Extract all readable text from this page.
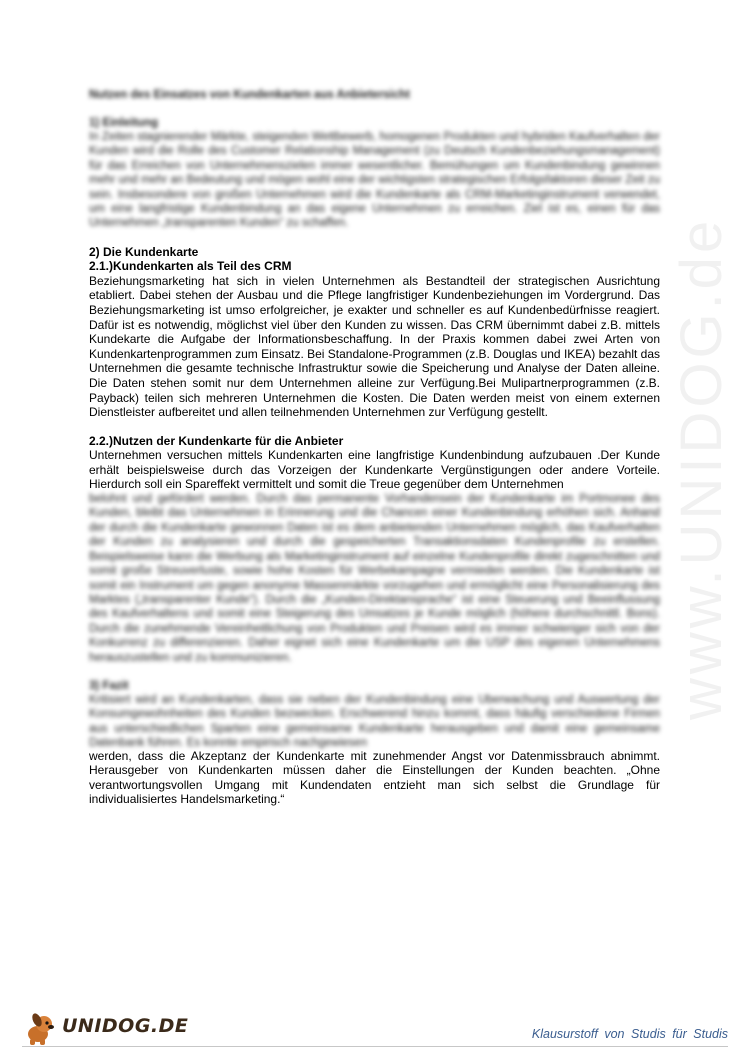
www.UNIDOG.de

Nutzen des Einsatzes von Kundenkarten aus Anbietersicht

1) Einleitung

In Zeiten stagnierender Märkte, steigenden Wettbewerb, homogenen Produkten und hybriden Kaufverhalten der Kunden wird die Rolle des Customer Relationship Management (zu Deutsch Kundenbeziehungsmanagement) für das Erreichen von Unternehmenszielen immer wesentlicher. Bemühungen um Kundenbindung gewinnen mehr und mehr an Bedeutung und mögen wohl eine der wichtigsten strategischen Erfolgsfaktoren dieser Zeit zu sein. Insbesondere von großen Unternehmen wird die Kundenkarte als CRM-Marketinginstrument verwendet, um eine langfristige Kundenbindung an das eigene Unternehmen zu erreichen. Ziel ist es, einen für das Unternehmen „transparenten Kunden“ zu schaffen.

2) Die Kundenkarte

2.1.)Kundenkarten als Teil des CRM

Beziehungsmarketing hat sich in vielen Unternehmen als Bestandteil der strategischen Ausrichtung etabliert. Dabei stehen der Ausbau und die Pflege langfristiger Kundenbeziehungen im Vordergrund. Das Beziehungsmarketing ist umso erfolgreicher, je exakter und schneller es auf Kundenbedürfnisse reagiert. Dafür ist es notwendig, möglichst viel über den Kunden zu wissen. Das CRM übernimmt dabei z.B. mittels Kundekarte die Aufgabe der Informationsbeschaffung. In der Praxis kommen dabei zwei Arten von Kundenkartenprogrammen zum Einsatz. Bei Standalone-Programmen (z.B. Douglas und IKEA) bezahlt das Unternehmen die gesamte technische Infrastruktur sowie die Speicherung und Analyse der Daten alleine. Die Daten stehen somit nur dem Unternehmen alleine zur Verfügung.Bei Mulipartnerprogrammen (z.B. Payback) teilen sich mehreren Unternehmen die Kosten. Die Daten werden meist von einem externen Dienstleister aufbereitet und allen teilnehmenden Unternehmen zur Verfügung gestellt.

2.2.)Nutzen der Kundenkarte für die Anbieter

Unternehmen versuchen mittels Kundenkarten eine langfristige Kundenbindung aufzubauen .Der Kunde erhält beispielsweise durch das Vorzeigen der Kundenkarte Vergünstigungen oder andere Vorteile. Hierdurch soll ein Spareffekt vermittelt und somit die Treue gegenüber dem Unternehmen

belohnt und gefördert werden. Durch das permanente Vorhandensein der Kundenkarte im Portmonee des Kunden, bleibt das Unternehmen in Erinnerung und die Chancen einer Kundenbindung erhöhen sich. Anhand der durch die Kundenkarte gewonnen Daten ist es dem anbietenden Unternehmen möglich, das Kaufverhalten der Kunden zu analysieren und durch die gespeicherten Transaktionsdaten Kundenprofile zu erstellen. Beispielsweise kann die Werbung als Marketinginstrument auf einzelne Kundenprofile direkt zugeschnitten und somit große Streuverluste, sowie hohe Kosten für Werbekampagne vermieden werden. Die Kundenkarte ist somit ein Instrument um gegen anonyme Massenmärkte vorzugehen und ermöglicht eine Personalisierung des Marktes („transparenter Kunde“). Durch die „Kunden-Direktansprache“ ist eine Steuerung und Beeinflussung des Kaufverhaltens und somit eine Steigerung des Umsatzes je Kunde möglich (höhere durchschnittl. Bons). Durch die zunehmende Vereinheitlichung von Produkten und Preisen wird es immer schwieriger sich von der Konkurrenz zu differenzieren. Daher eignet sich eine Kundenkarte um die USP des eigenen Unternehmens herauszustellen und zu kommunizieren.

3) Fazit

Kritisiert wird an Kundenkarten, dass sie neben der Kundenbindung eine Überwachung und Auswertung der Konsumgewohnheiten des Kunden bezwecken. Erschwerend hinzu kommt, dass häufig verschiedene Firmen aus unterschiedlichen Sparten eine gemeinsame Kundenkarte herausgeben und damit eine gemeinsame Datenbank führen. Es konnte empirisch nachgewiesen

werden, dass die Akzeptanz der Kundenkarte mit zunehmender Angst vor Datenmissbrauch abnimmt. Herausgeber von Kundenkarten müssen daher die Einstellungen der Kunden beachten. „Ohne verantwortungsvollen Umgang mit Kundendaten entzieht man sich selbst die Grundlage für individualisiertes Handelsmarketing.“

UNIDOG.DE	Klausurstoff von Studis für Studis
